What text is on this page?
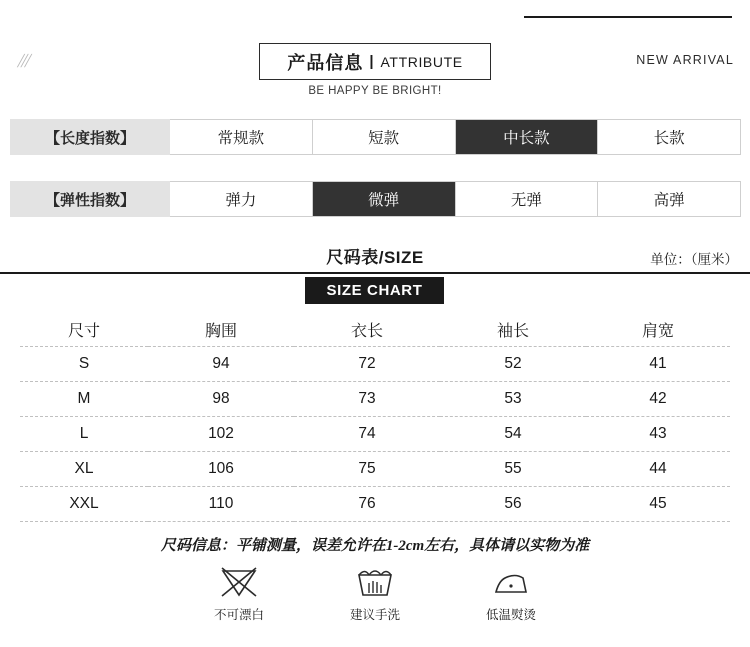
///	产品信息 | ATTRIBUTE
BE HAPPY BE BRIGHT!
NEW ARRIVAL
【长度指数】	常规款	短款	中长款	长款
【弹性指数】	弹力	微弹	无弹	高弹
尺码表/SIZE	单位：（厘米）
SIZE CHART
尺寸	胸围	衣长	袖长	肩宽
S	94	72	52	41
M	98	73	53	42
L	102	74	54	43
XL	106	75	55	44
XXL	110	76	56	45
尺码信息：平铺测量，误差允许在1-2cm左右，具体请以实物为准
不可漂白	建议手洗	低温熨烫
